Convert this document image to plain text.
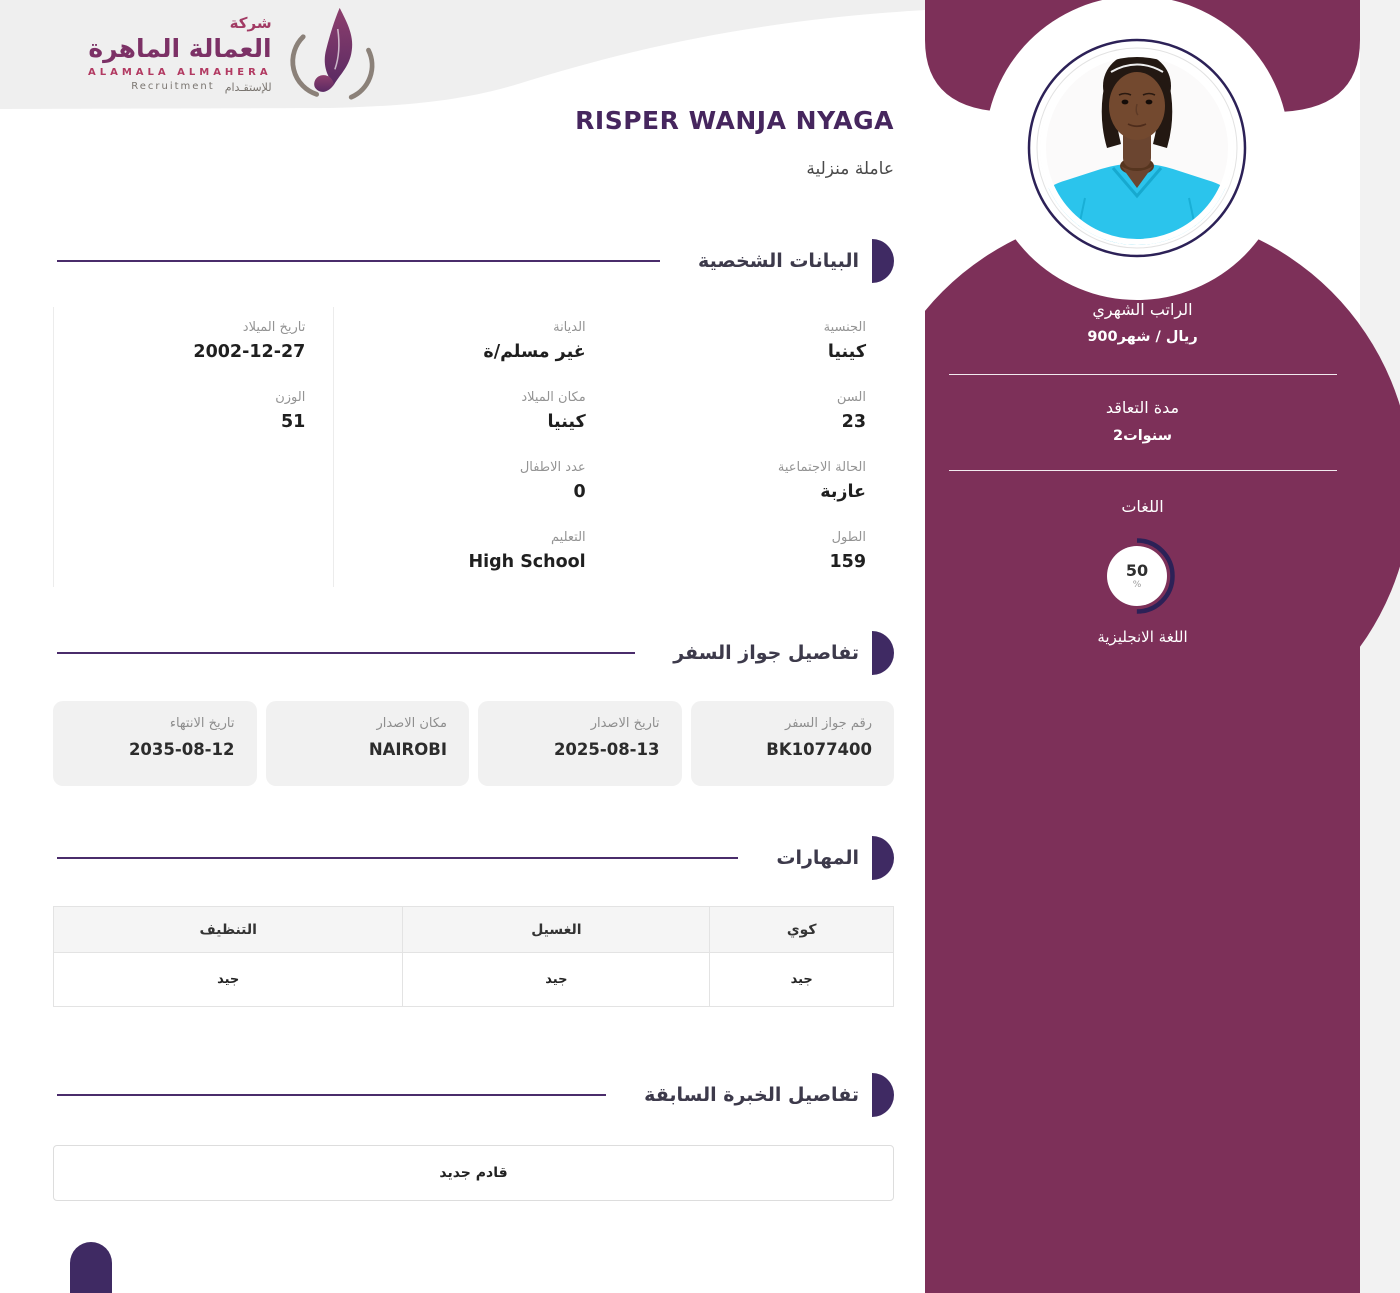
شركة
العمالة الماهرة
ALAMALA ALMAHERA
Recruitment للإستقـدام
RISPER WANJA NYAGA
عاملة منزلية
البيانات الشخصية
الجنسية
كينيا
الديانة
غير مسلم/ة
تاريخ الميلاد
2002-12-27
السن
23
مكان الميلاد
كينيا
الوزن
51
الحالة الاجتماعية
عازبة
عدد الاطفال
0
الطول
159
التعليم
High School
تفاصيل جواز السفر
رقم جواز السفر
BK1077400
تاريخ الاصدار
2025-08-13
مكان الاصدار
NAIROBI
تاريخ الانتهاء
2035-08-12
المهارات
كوي	الغسيل	التنظيف
جيد	جيد	جيد
تفاصيل الخبرة السابقة
قادم جديد
الراتب الشهري
900ريال / شهر
مدة التعاقد
2سنوات
اللغات
50
%
اللغة الانجليزية
